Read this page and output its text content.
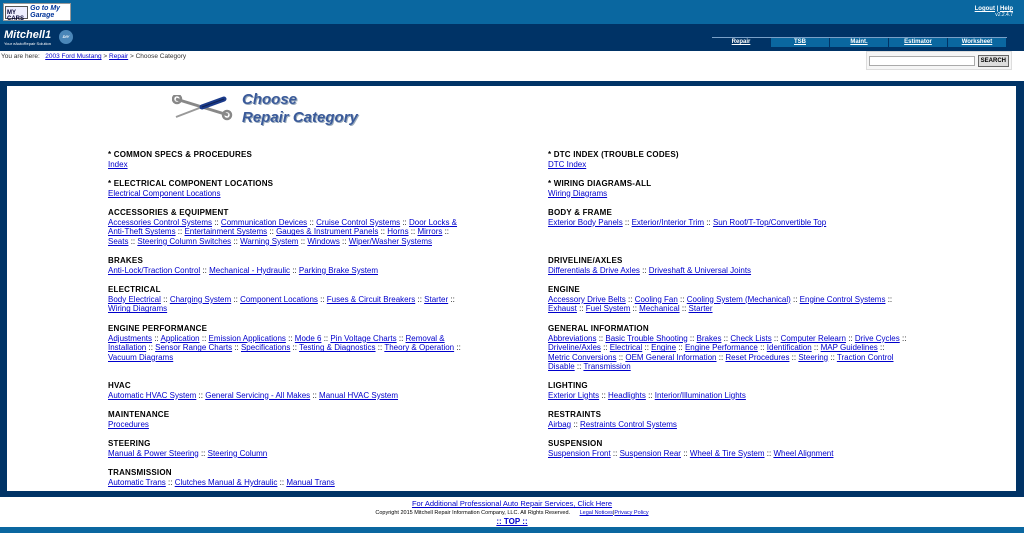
MY CARS
Go to My Garage
Logout | Help
v2.2.4.7
Mitchell1
Your eAutoRepair Solution
DIY
Repair	TSB	Maint.	Estimator	Worksheet
You are here: 2003 Ford Mustang > Repair > Choose Category
SEARCH
Choose
Repair Category
* COMMON SPECS & PROCEDURES
Index
* ELECTRICAL COMPONENT LOCATIONS
Electrical Component Locations
ACCESSORIES & EQUIPMENT
Accessories Control Systems :: Communication Devices :: Cruise Control Systems :: Door Locks & Anti-Theft Systems :: Entertainment Systems :: Gauges & Instrument Panels :: Horns :: Mirrors :: Seats :: Steering Column Switches :: Warning System :: Windows :: Wiper/Washer Systems
BRAKES
Anti-Lock/Traction Control :: Mechanical - Hydraulic :: Parking Brake System
ELECTRICAL
Body Electrical :: Charging System :: Component Locations :: Fuses & Circuit Breakers :: Starter :: Wiring Diagrams
ENGINE PERFORMANCE
Adjustments :: Application :: Emission Applications :: Mode 6 :: Pin Voltage Charts :: Removal & Installation :: Sensor Range Charts :: Specifications :: Testing & Diagnostics :: Theory & Operation :: Vacuum Diagrams
HVAC
Automatic HVAC System :: General Servicing - All Makes :: Manual HVAC System
MAINTENANCE
Procedures
STEERING
Manual & Power Steering :: Steering Column
TRANSMISSION
Automatic Trans :: Clutches Manual & Hydraulic :: Manual Trans
* DTC INDEX (TROUBLE CODES)
DTC Index
* WIRING DIAGRAMS-ALL
Wiring Diagrams
BODY & FRAME
Exterior Body Panels :: Exterior/Interior Trim :: Sun Roof/T-Top/Convertible Top
DRIVELINE/AXLES
Differentials & Drive Axles :: Driveshaft & Universal Joints
ENGINE
Accessory Drive Belts :: Cooling Fan :: Cooling System (Mechanical) :: Engine Control Systems :: Exhaust :: Fuel System :: Mechanical :: Starter
GENERAL INFORMATION
Abbreviations :: Basic Trouble Shooting :: Brakes :: Check Lists :: Computer Relearn :: Drive Cycles :: Driveline/Axles :: Electrical :: Engine :: Engine Performance :: Identification :: MAP Guidelines :: Metric Conversions :: OEM General Information :: Reset Procedures :: Steering :: Traction Control Disable :: Transmission
LIGHTING
Exterior Lights :: Headlights :: Interior/Illumination Lights
RESTRAINTS
Airbag :: Restraints Control Systems
SUSPENSION
Suspension Front :: Suspension Rear :: Wheel & Tire System :: Wheel Alignment
For Additional Professional Auto Repair Services, Click Here
Copyright 2015 Mitchell Repair Information Company, LLC. All Rights Reserved. Legal Notices|Privacy Policy
:: TOP ::
